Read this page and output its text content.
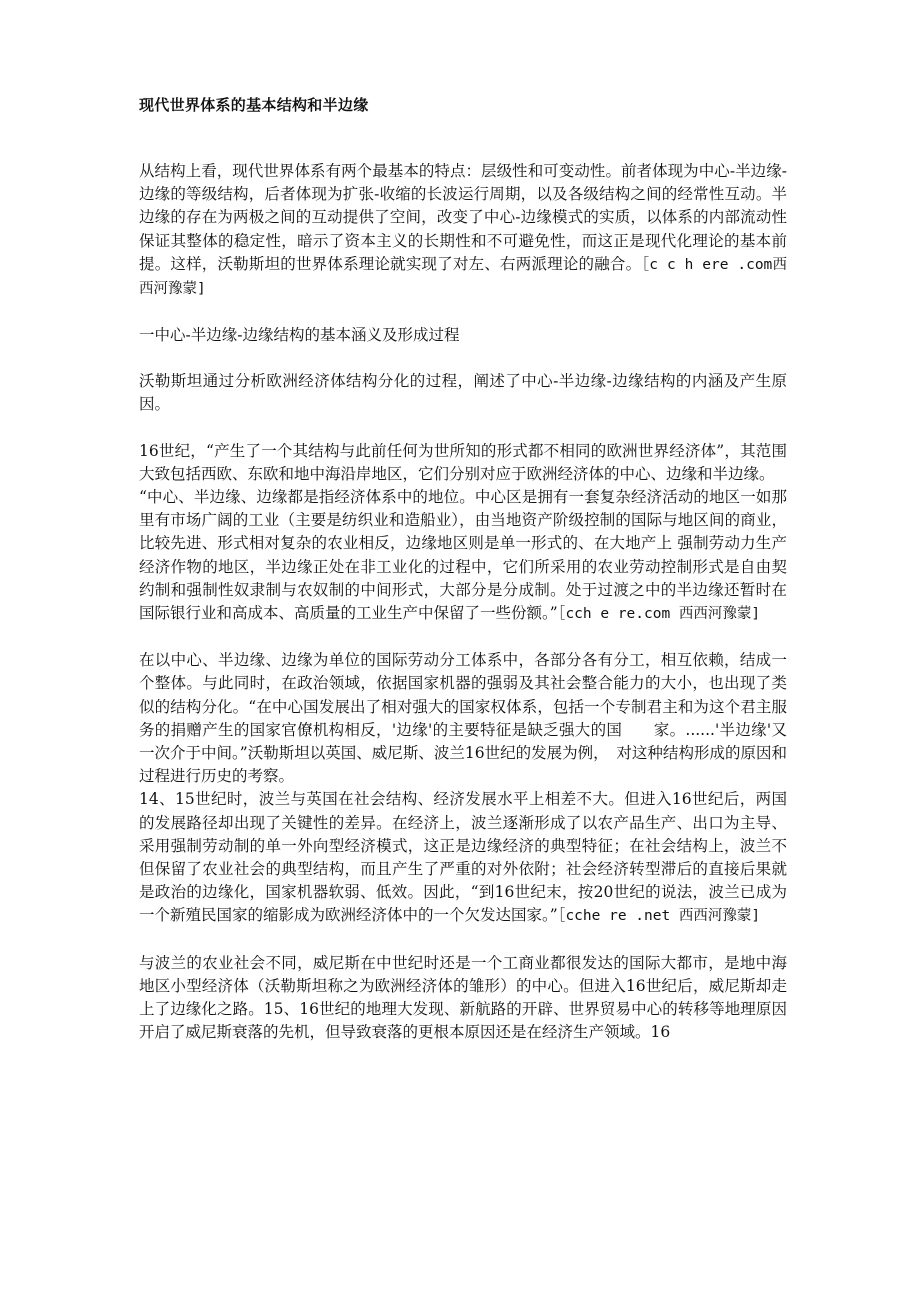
现代世界体系的基本结构和半边缘

从结构上看，现代世界体系有两个最基本的特点：层级性和可变动性。前者体现为中心-半边缘-边缘的等级结构，后者体现为扩张-收缩的长波运行周期，以及各级结构之间的经常性互动。半边缘的存在为两极之间的互动提供了空间，改变了中心-边缘模式的实质，以体系的内部流动性保证其整体的稳定性，暗示了资本主义的长期性和不可避免性，而这正是现代化理论的基本前提。这样，沃勒斯坦的世界体系理论就实现了对左、右两派理论的融合。［c c h ere .com西西河豫蒙]

一中心-半边缘-边缘结构的基本涵义及形成过程

沃勒斯坦通过分析欧洲经济体结构分化的过程，阐述了中心-半边缘-边缘结构的内涵及产生原因。

16世纪，“产生了一个其结构与此前任何为世所知的形式都不相同的欧洲世界经济体”，其范围大致包括西欧、东欧和地中海沿岸地区，它们分别对应于欧洲经济体的中心、边缘和半边缘。

“中心、半边缘、边缘都是指经济体系中的地位。中心区是拥有一套复杂经济活动的地区一如那里有市场广阔的工业（主要是纺织业和造船业），由当地资产阶级控制的国际与地区间的商业，比较先进、形式相对复杂的农业相反，边缘地区则是单一形式的、在大地产上 强制劳动力生产经济作物的地区，半边缘正处在非工业化的过程中，它们所采用的农业劳动控制形式是自由契约制和强制性奴隶制与农奴制的中间形式，大部分是分成制。处于过渡之中的半边缘还暂时在国际银行业和高成本、高质量的工业生产中保留了一些份额。”［cch e re.com 西西河豫蒙]

在以中心、半边缘、边缘为单位的国际劳动分工体系中，各部分各有分工，相互依赖，结成一个整体。与此同时，在政治领域，依据国家机器的强弱及其社会整合能力的大小，也出现了类似的结构分化。“在中心国发展出了相对强大的国家权体系，包括一个专制君主和为这个君主服务的捐赠产生的国家官僚机构相反，'边缘'的主要特征是缺乏强大的国　　家。......'半边缘'又一次介于中间。”沃勒斯坦以英国、威尼斯、波兰16世纪的发展为例，　对这种结构形成的原因和过程进行历史的考察。

14、15世纪时，波兰与英国在社会结构、经济发展水平上相差不大。但进入16世纪后，两国的发展路径却出现了关键性的差异。在经济上，波兰逐渐形成了以农产品生产、出口为主导、采用强制劳动制的单一外向型经济模式，这正是边缘经济的典型特征；在社会结构上，波兰不但保留了农业社会的典型结构，而且产生了严重的对外依附；社会经济转型滞后的直接后果就是政治的边缘化，国家机器软弱、低效。因此，“到16世纪末，按20世纪的说法，波兰已成为一个新殖民国家的缩影成为欧洲经济体中的一个欠发达国家。”［cche re .net 西西河豫蒙]

与波兰的农业社会不同，威尼斯在中世纪时还是一个工商业都很发达的国际大都市，是地中海地区小型经济体（沃勒斯坦称之为欧洲经济体的雏形）的中心。但进入16世纪后，威尼斯却走上了边缘化之路。15、16世纪的地理大发现、新航路的开辟、世界贸易中心的转移等地理原因开启了威尼斯衰落的先机，但导致衰落的更根本原因还是在经济生产领域。16
